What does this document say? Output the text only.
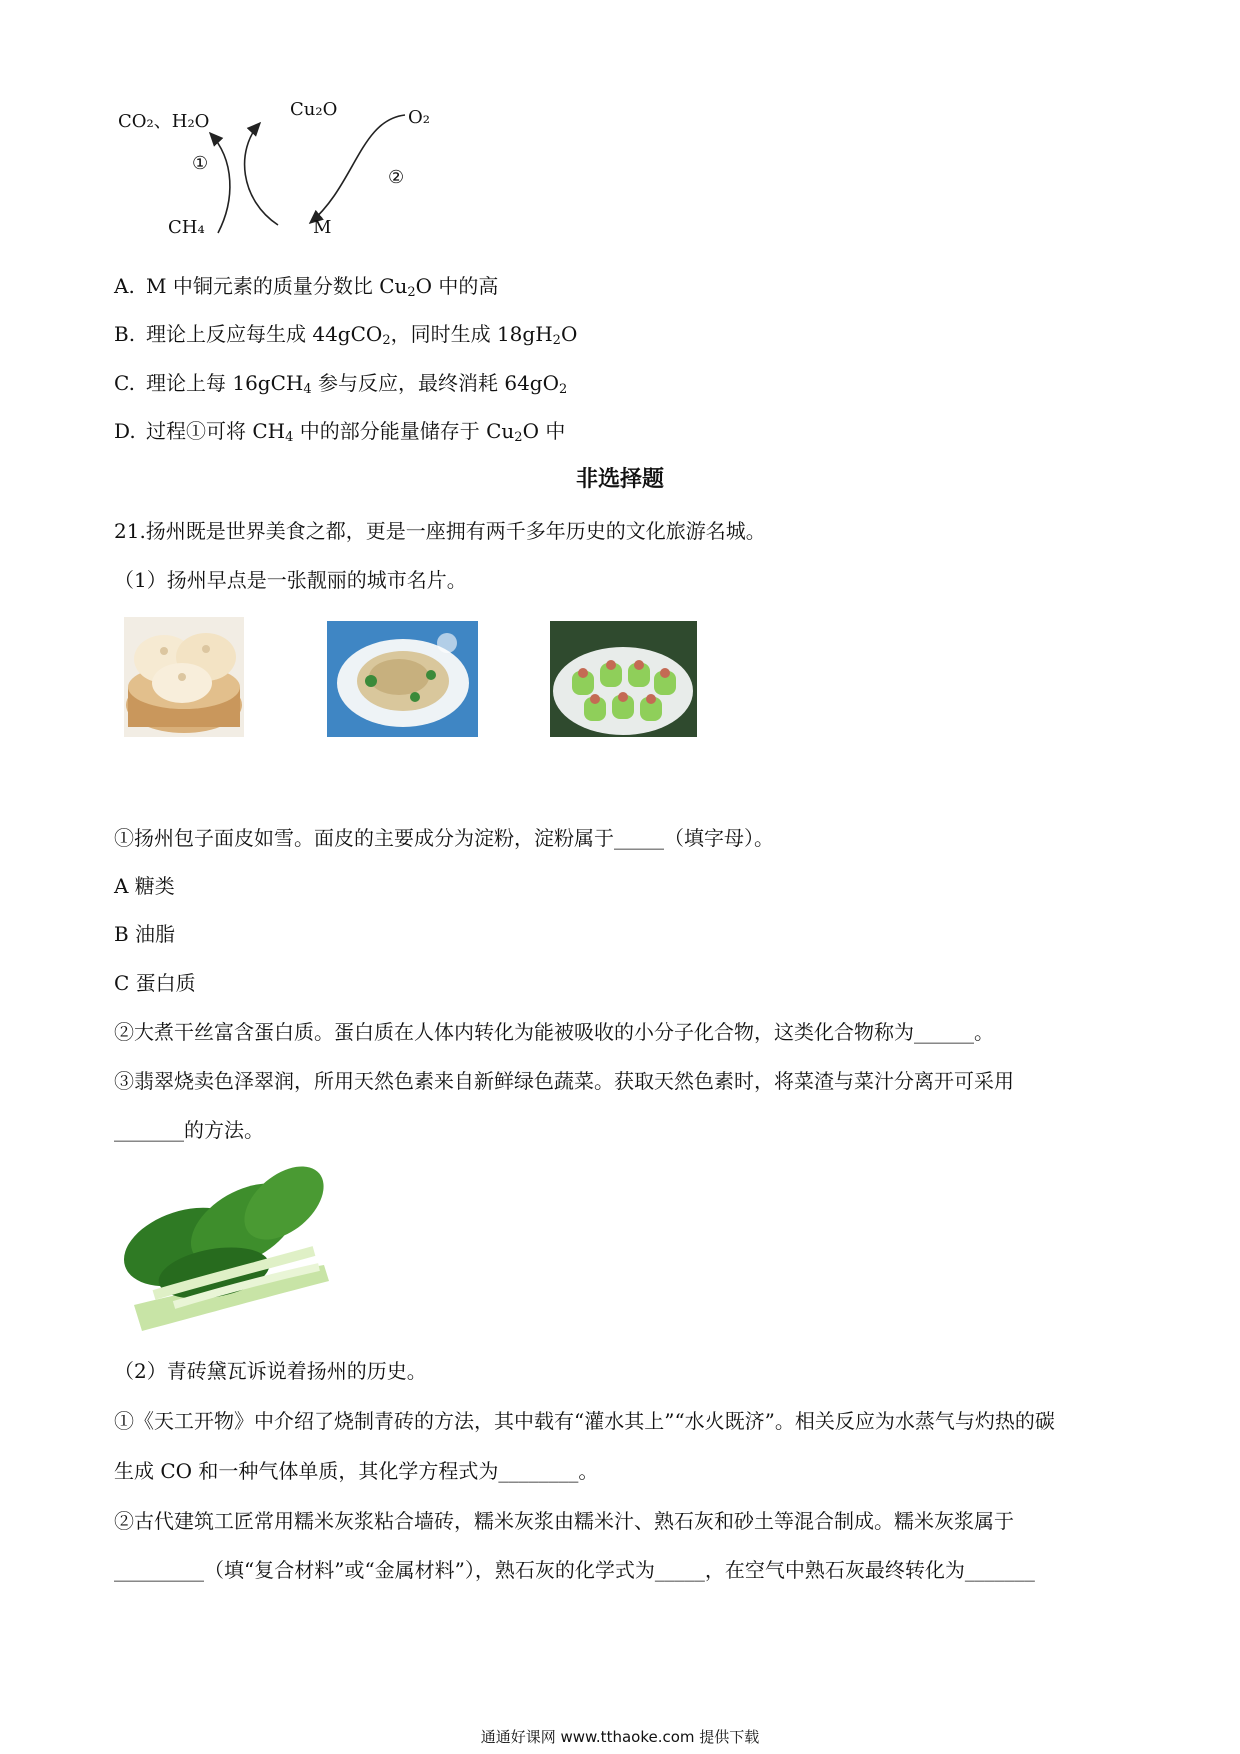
CO₂、H₂O
Cu₂O	O₂
①
②
CH₄	M
A. M 中铜元素的质量分数比 $Cu_2O$ 中的高
B. 理论上反应每生成 44gCO$_2$，同时生成 $18gH_2O$
C. 理论上每 16gCH$_4$ 参与反应，最终消耗 $64gO_2$
D. 过程①可将 $CH_4$ 中的部分能量储存于 $Cu_2O$ 中
非选择题
21.扬州既是世界美食之都，更是一座拥有两千多年历史的文化旅游名城。
（1）扬州早点是一张靓丽的城市名片。
①扬州包子面皮如雪。面皮的主要成分为淀粉，淀粉属于_____（填字母）。
A 糖类
B 油脂
C 蛋白质
②大煮干丝富含蛋白质。蛋白质在人体内转化为能被吸收的小分子化合物，这类化合物称为______。
③翡翠烧卖色泽翠润，所用天然色素来自新鲜绿色蔬菜。获取天然色素时，将菜渣与菜汁分离开可采用
_______的方法。
（2）青砖黛瓦诉说着扬州的历史。
①《天工开物》中介绍了烧制青砖的方法，其中载有“灌水其上”“水火既济”。相关反应为水蒸气与灼热的碳
生成 CO 和一种气体单质，其化学方程式为________。
②古代建筑工匠常用糯米灰浆粘合墙砖，糯米灰浆由糯米汁、熟石灰和砂土等混合制成。糯米灰浆属于
_________（填“复合材料”或“金属材料”），熟石灰的化学式为_____，在空气中熟石灰最终转化为_______
通通好课网 www.tthaoke.com 提供下载
